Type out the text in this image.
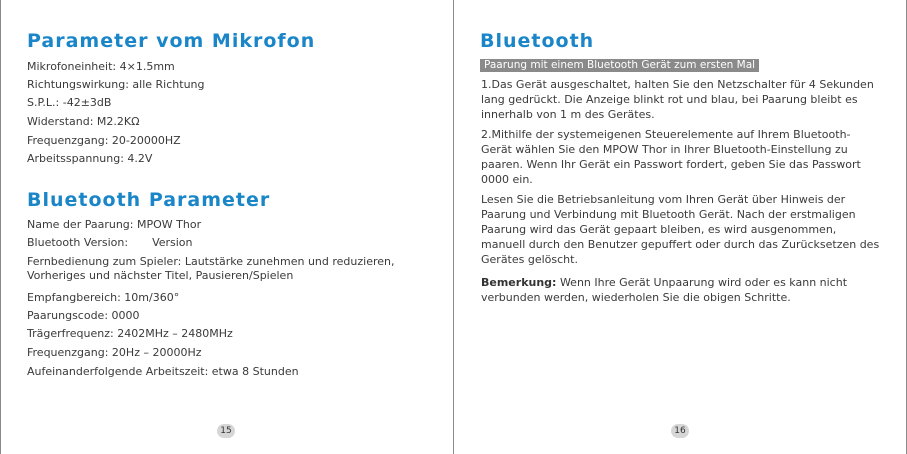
Parameter vom Mikrofon
Mikrofoneinheit: 4×1.5mm
Richtungswirkung: alle Richtung
S.P.L.: -42±3dB
Widerstand: M2.2KΩ
Frequenzgang: 20-20000HZ
Arbeitsspannung: 4.2V
Bluetooth Parameter
Name der Paarung: MPOW Thor
Bluetooth Version: Version
Fernbedienung zum Spieler: Lautstärke zunehmen und reduzieren,
Vorheriges und nächster Titel, Pausieren/Spielen
Empfangbereich: 10m/360°
Paarungscode: 0000
Trägerfrequenz: 2402MHz – 2480MHz
Frequenzgang: 20Hz – 20000Hz
Aufeinanderfolgende Arbeitszeit: etwa 8 Stunden
15
Bluetooth
Paarung mit einem Bluetooth Gerät zum ersten Mal
1.Das Gerät ausgeschaltet, halten Sie den Netzschalter für 4 Sekunden lang gedrückt. Die Anzeige blinkt rot und blau, bei Paarung bleibt es innerhalb von 1 m des Gerätes.
2.Mithilfe der systemeigenen Steuerelemente auf Ihrem Bluetooth-Gerät wählen Sie den MPOW Thor in Ihrer Bluetooth-Einstellung zu paaren. Wenn Ihr Gerät ein Passwort fordert, geben Sie das Passwort 0000 ein.
Lesen Sie die Betriebsanleitung vom Ihren Gerät über Hinweis der Paarung und Verbindung mit Bluetooth Gerät. Nach der erstmaligen Paarung wird das Gerät gepaart bleiben, es wird ausgenommen, manuell durch den Benutzer gepuffert oder durch das Zurücksetzen des Gerätes gelöscht.
Bemerkung: Wenn Ihre Gerät Unpaarung wird oder es kann nicht verbunden werden, wiederholen Sie die obigen Schritte.
16
